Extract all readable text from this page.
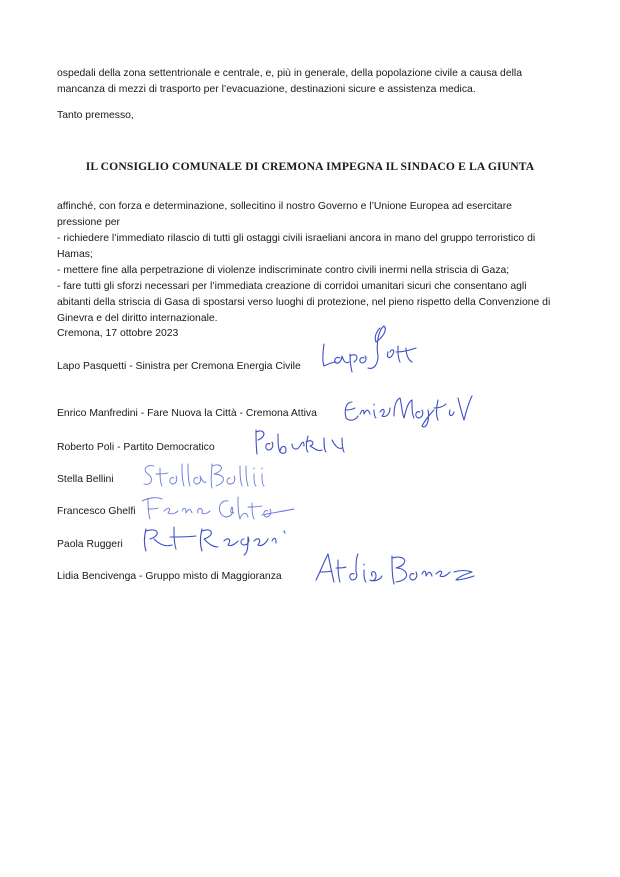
ospedali della zona settentrionale e centrale, e, più in generale, della popolazione civile a causa della
mancanza di mezzi di trasporto per l’evacuazione, destinazioni sicure e assistenza medica.

Tanto premesso,

IL CONSIGLIO COMUNALE DI CREMONA IMPEGNA IL SINDACO E LA GIUNTA

affinché, con forza e determinazione, sollecitino il nostro Governo e l’Unione Europea ad esercitare
pressione per
- richiedere l’immediato rilascio di tutti gli ostaggi civili israeliani ancora in mano del gruppo terroristico di
Hamas;
- mettere fine alla perpetrazione di violenze indiscriminate contro civili inermi nella striscia di Gaza;
- fare tutti gli sforzi necessari per l’immediata creazione di corridoi umanitari sicuri che consentano agli
abitanti della striscia di Gasa di spostarsi verso luoghi di protezione, nel pieno rispetto della Convenzione di
Ginevra e del diritto internazionale.

Cremona, 17 ottobre 2023

Lapo Pasquetti - Sinistra per Cremona Energia Civile
Enrico Manfredini - Fare Nuova la Città - Cremona Attiva
Roberto Poli - Partito Democratico
Stella Bellini
Francesco Ghelfi
Paola Ruggeri
Lidia Bencivenga - Gruppo misto di Maggioranza
